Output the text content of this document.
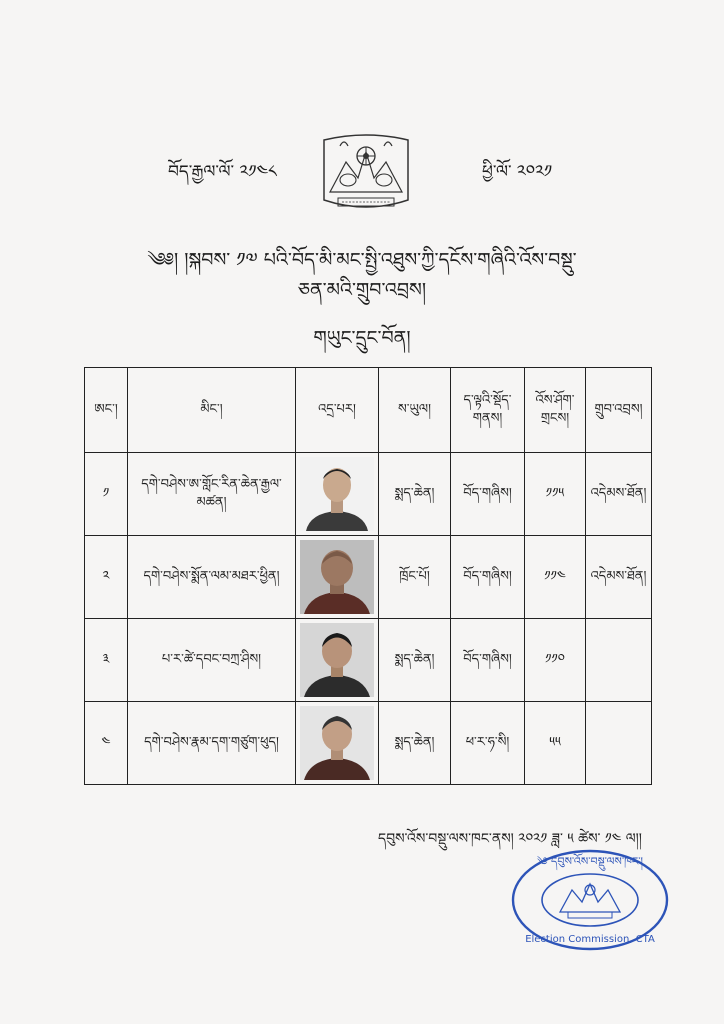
བོད་རྒྱལ་ལོ་ ༢༡༤༨	ཕྱི་ལོ་ ༢༠༢༡
༄༅། །སྐབས་ ༡༧ པའི་བོད་མི་མང་སྤྱི་འཐུས་ཀྱི་དངོས་གཞིའི་འོས་བསྡུ་
ཅན་མའི་གྲུབ་འབྲས།
གཡུང་དྲུང་བོན།
ཨང་།	མིང་།	འདྲ་པར།	ས་ཡུལ།	ད་ལྟའི་སྡོད་གནས།	འོས་ཤོག་གྲངས།	གྲུབ་འབྲས།
༡	དགེ་བཤེས་ཨ་གློང་རིན་ཆེན་རྒྱལ་མཚན།		སྨད་ཆེན།	བོད་གཞིས།	༡༡༥	འདེམས་ཐོན།
༢	དགེ་བཤེས་སྨོན་ལམ་མཐར་ཕྱིན།		ཁྲོང་པོ།	བོད་གཞིས།	༡༡༤	འདེམས་ཐོན།
༣	པ་ར་ཚེ་དབང་བཀྲ་ཤིས།		སྨད་ཆེན།	བོད་གཞིས།	༡༡༠	
༤	དགེ་བཤེས་རྣམ་དག་གཙུག་ཕུད།		སྨད་ཆེན།	ཕ་ར་ཧ་སི།	༥༥	
དབུས་འོས་བསྡུ་ལས་ཁང་ནས། ༢༠༢༡ ཟླ་ ༥ ཚེས་ ༡༤ ལ།།
༄ དབུས་འོས་བསྡུ་ལས་ཁང་།
Election Commission, CTA
